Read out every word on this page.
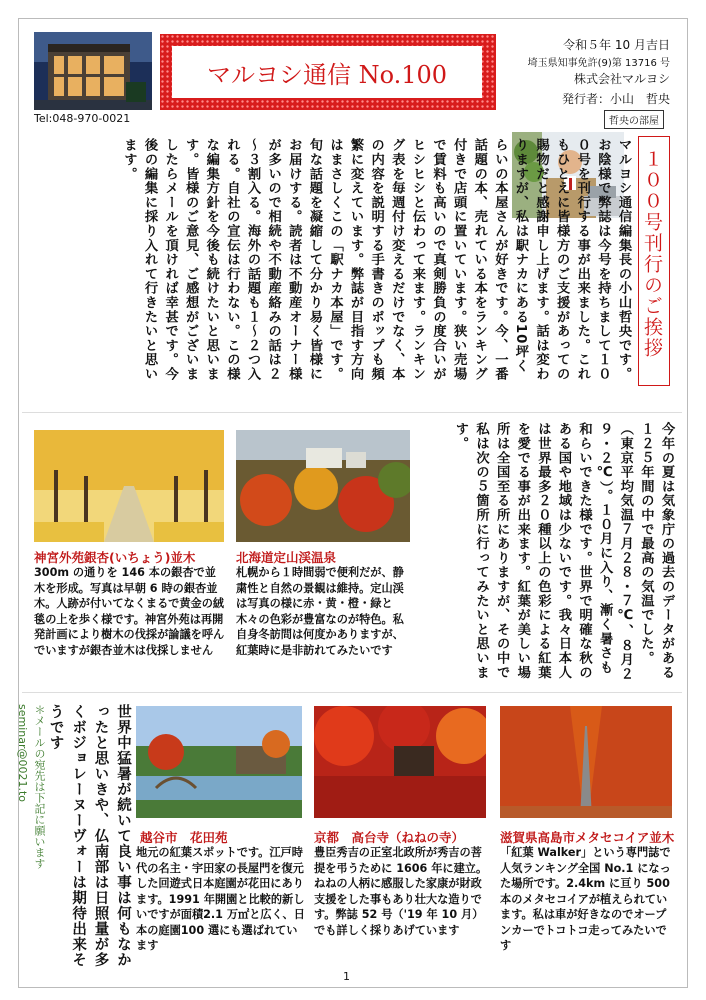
Tel:048-970-0021
マルヨシ通信 No.100
令和５年 10 月吉日
埼玉県知事免許(9)第 13716 号
株式会社マルヨシ
発行者：小山　哲央
哲央の部屋
１００号刊行のご挨拶
マルヨシ通信編集長の小山哲央です。お陰様で弊誌は今号を持ちまして１００号を刊行する事が出来ました。これもひとえに皆様方のご支援があっての賜物だと感謝申し上げます。話は変わりますが、私は駅ナカにある10坪くらいの本屋さんが好きです。今、一番話題の本、売れている本をランキング付きで店頭に置いています。狭い売場で賃料も高いので真剣勝負の度合いがヒシヒシと伝わって来ます。ランキング表を毎週付け変えるだけでなく、本の内容を説明する手書きのポップも頻繁に変えています。弊誌が目指す方向はまさしくこの「駅ナカ本屋」です。旬な話題を凝縮して分かり易く皆様にお届けする。読者は不動産オーナー様が多いので相続や不動産絡みの話は２～３割入る。海外の話題も１～２つ入れる。自社の宣伝は行わない。この様な編集方針を今後も続けたいと思います。皆様のご意見、ご感想がございましたらメールを頂ければ幸甚です。今後の編集に採り入れて行きたいと思います。
今年の夏は気象庁の過去のデータがある１２５年間の中で最高の気温でした。（東京平均気温７月２８・７℃、８月２９・２℃）。１０月に入り、漸く暑さも和らいできた様です。世界で明確な秋のある国や地域は少ないです。我々日本人は世界最多２０種以上の色彩による紅葉を愛でる事が出来ます。紅葉が美しい場所は全国至る所にありますが、その中で私は次の５箇所に行ってみたいと思います。
神宮外苑銀杏(いちょう)並木
300m の通りを 146 本の銀杏で並木を形成。写真は早朝 6 時の銀杏並木。人跡が付いてなくまるで黄金の絨毯の上を歩く様です。神宮外苑は再開発計画により樹木の伐採が論議を呼んでいますが銀杏並木は伐採しません
北海道定山渓温泉
札幌から１時間弱で便利だが、静粛性と自然の景観は維持。定山渓は写真の様に赤・黄・橙・緑と木々の色彩が豊富なのが特色。私自身冬訪問は何度かありますが、紅葉時に是非訪れてみたいです
＊メールの宛先は下記に願います　seminar@0021.to	世界中猛暑が続いて良い事は何もなかったと思いきや、仏南部は日照量が多くボジョレーヌーヴォーは期待出来そうです
越谷市　花田苑
地元の紅葉スポットです。江戸時代の名主・宇田家の長屋門を復元した回遊式日本庭園が花田にあります。1991 年開園と比較的新しいですが面積2.1 万㎡と広く、日本の庭園100 選にも選ばれています
京都　高台寺（ねねの寺）
豊臣秀吉の正室北政所が秀吉の菩提を弔うために 1606 年に建立。ねねの人柄に感服した家康が財政支援をした事もあり壮大な造りです。弊誌 52 号（'19 年 10 月）でも詳しく採りあげています
滋賀県高島市メタセコイア並木
「紅葉 Walker」という専門誌で人気ランキング全国 No.1 になった場所です。2.4km に亘り 500 本のメタセコイアが植えられています。私は車が好きなのでオープンカーでトコトコ走ってみたいです
1
